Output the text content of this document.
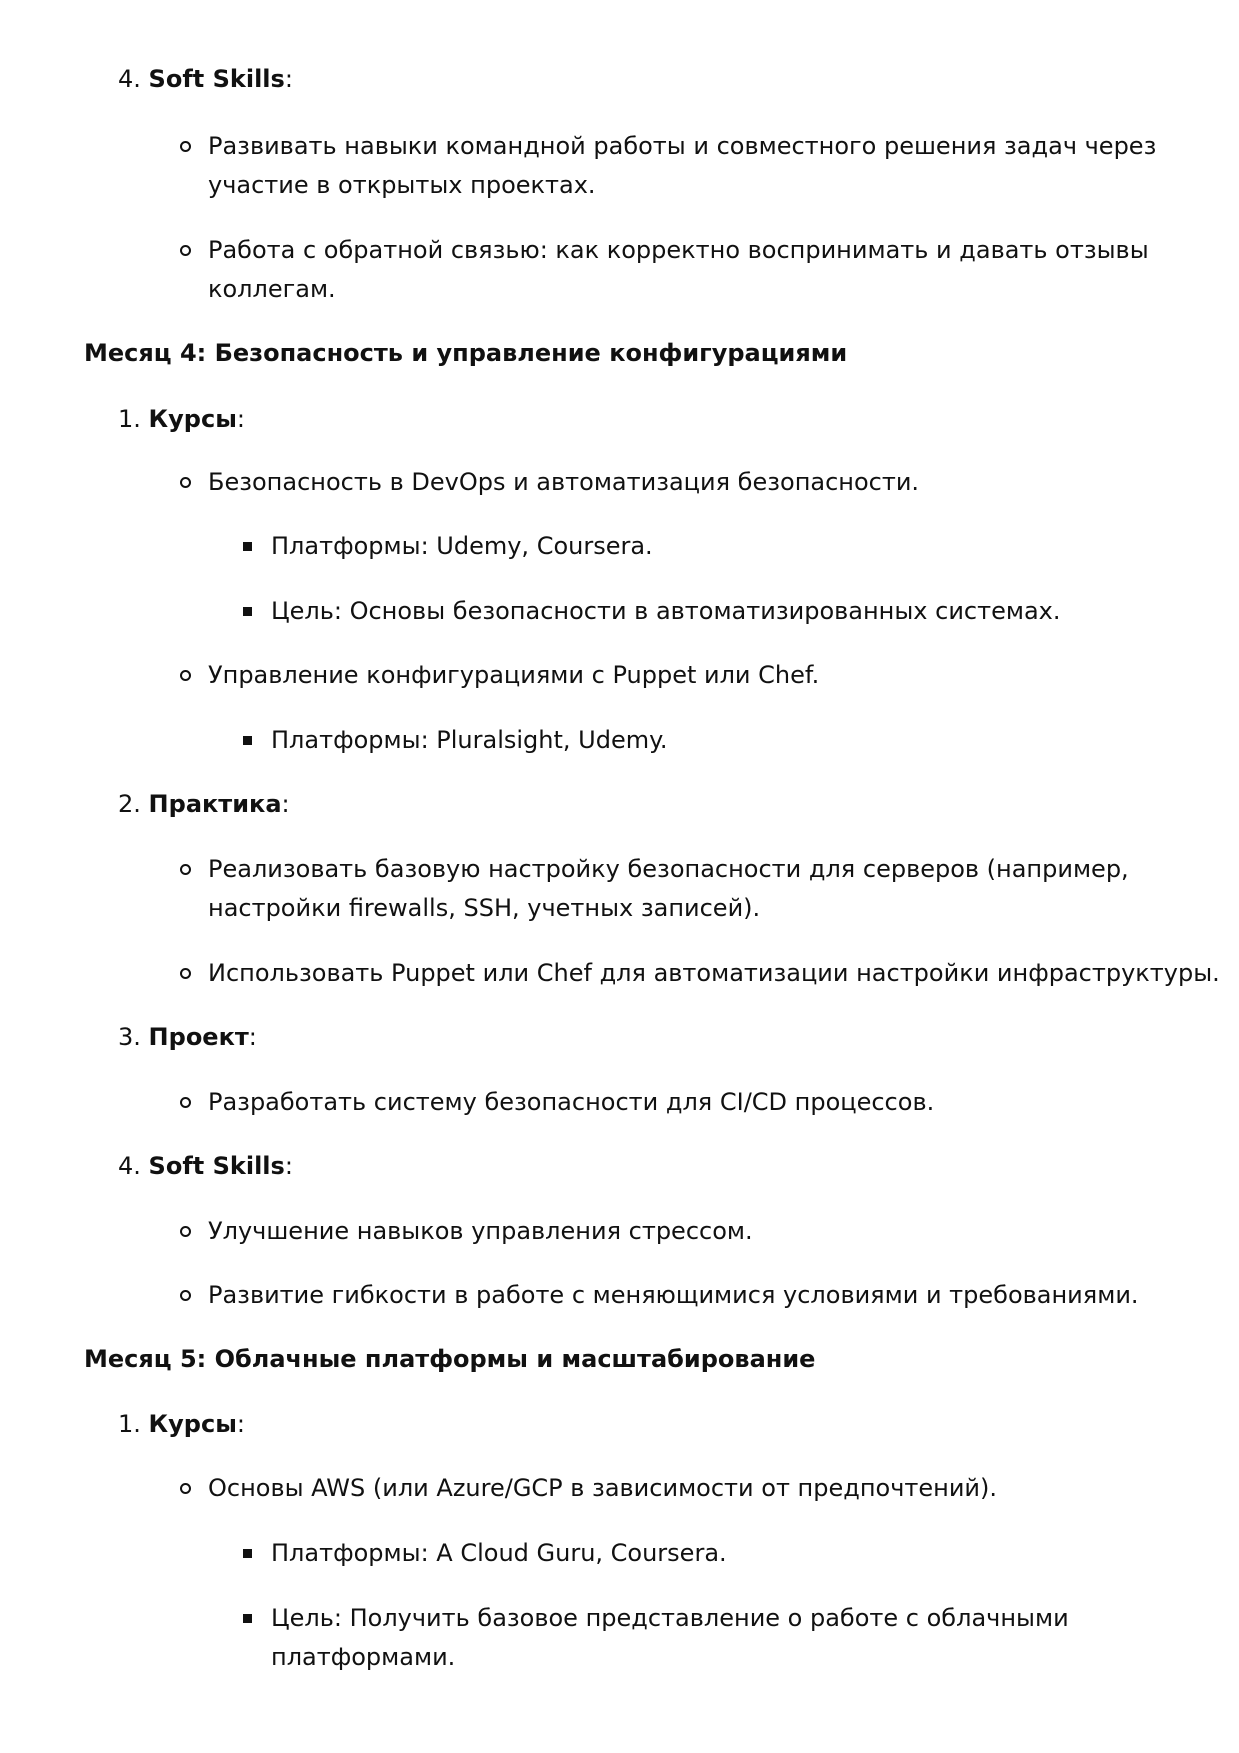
4. Soft Skills:
Развивать навыки командной работы и совместного решения задач через
участие в открытых проектах.
Работа с обратной связью: как корректно воспринимать и давать отзывы
коллегам.
Месяц 4: Безопасность и управление конфигурациями
1. Курсы:
Безопасность в DevOps и автоматизация безопасности.
Платформы: Udemy, Coursera.
Цель: Основы безопасности в автоматизированных системах.
Управление конфигурациями с Puppet или Chef.
Платформы: Pluralsight, Udemy.
2. Практика:
Реализовать базовую настройку безопасности для серверов (например,
настройки firewalls, SSH, учетных записей).
Использовать Puppet или Chef для автоматизации настройки инфраструктуры.
3. Проект:
Разработать систему безопасности для CI/CD процессов.
4. Soft Skills:
Улучшение навыков управления стрессом.
Развитие гибкости в работе с меняющимися условиями и требованиями.
Месяц 5: Облачные платформы и масштабирование
1. Курсы:
Основы AWS (или Azure/GCP в зависимости от предпочтений).
Платформы: A Cloud Guru, Coursera.
Цель: Получить базовое представление о работе с облачными
платформами.
